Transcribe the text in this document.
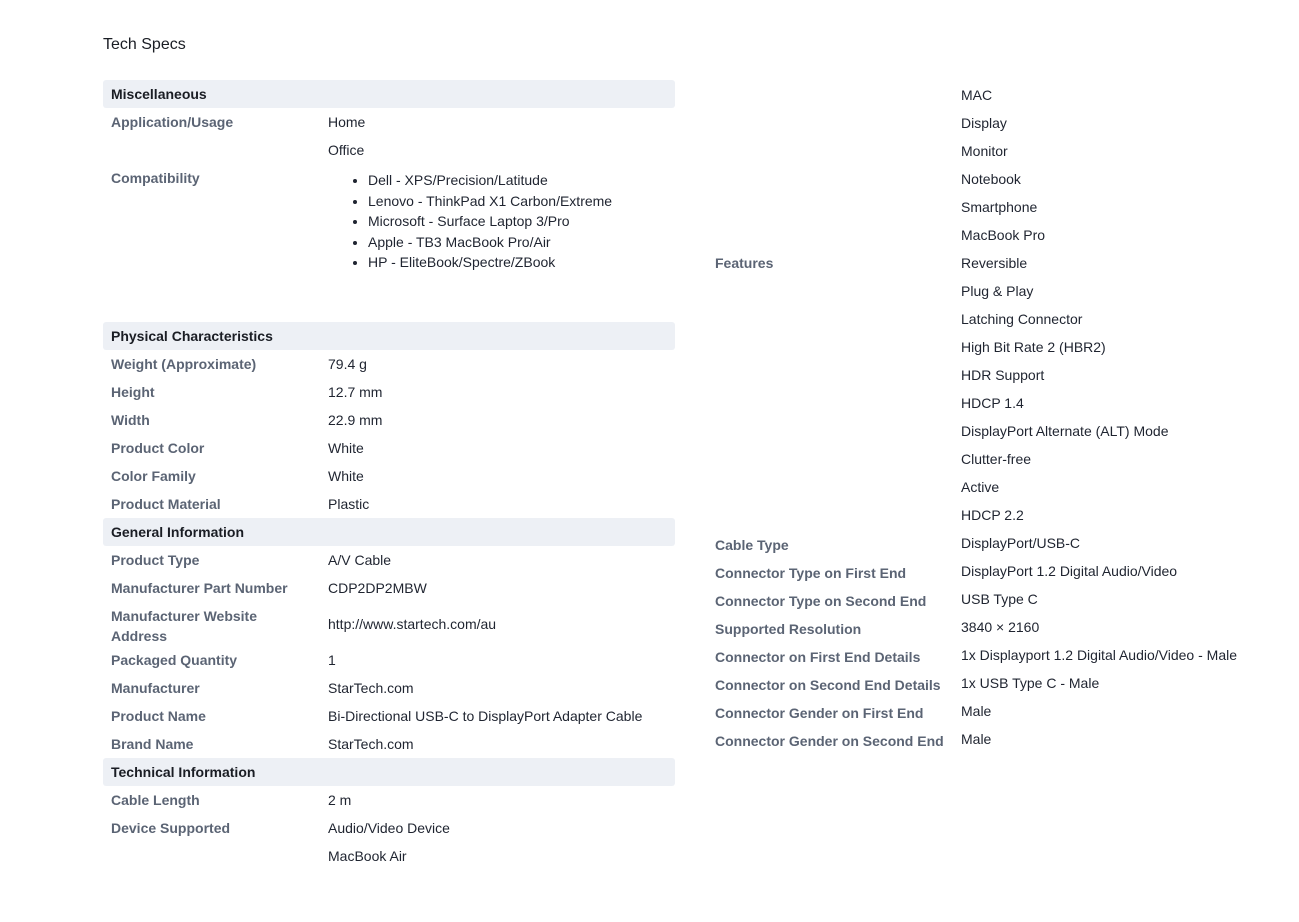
Tech Specs
Miscellaneous
Application/Usage	Home
Office
Compatibility
•	Dell - XPS/Precision/Latitude
• Lenovo - ThinkPad X1 Carbon/Extreme
• Microsoft - Surface Laptop 3/Pro
• Apple - TB3 MacBook Pro/Air
• HP - EliteBook/Spectre/ZBook
Physical Characteristics
Weight (Approximate)	79.4 g
Height	12.7 mm
Width	22.9 mm
Product Color	White
Color Family	White
Product Material	Plastic
General Information
Product Type	A/V Cable
Manufacturer Part Number	CDP2DP2MBW
Manufacturer Website Address
http://www.startech.com/au
Packaged Quantity	1
Manufacturer	StarTech.com
Product Name	Bi-Directional USB-C to DisplayPort Adapter Cable
Brand Name	StarTech.com
Technical Information
Cable Length	2 m
Device Supported	Audio/Video Device
MacBook Air
MAC
Display
Monitor
Notebook
Smartphone
MacBook Pro
Features	Reversible
Plug & Play
Latching Connector
High Bit Rate 2 (HBR2)
HDR Support
HDCP 1.4
DisplayPort Alternate (ALT) Mode
Clutter-free
Active
HDCP 2.2
Cable Type	DisplayPort/USB-C
Connector Type on First End	DisplayPort 1.2 Digital Audio/Video
Connector Type on Second End	USB Type C
Supported Resolution	3840 × 2160
Connector on First End Details	1x Displayport 1.2 Digital Audio/Video - Male
Connector on Second End Details	1x USB Type C - Male
Connector Gender on First End	Male
Connector Gender on Second End	Male
